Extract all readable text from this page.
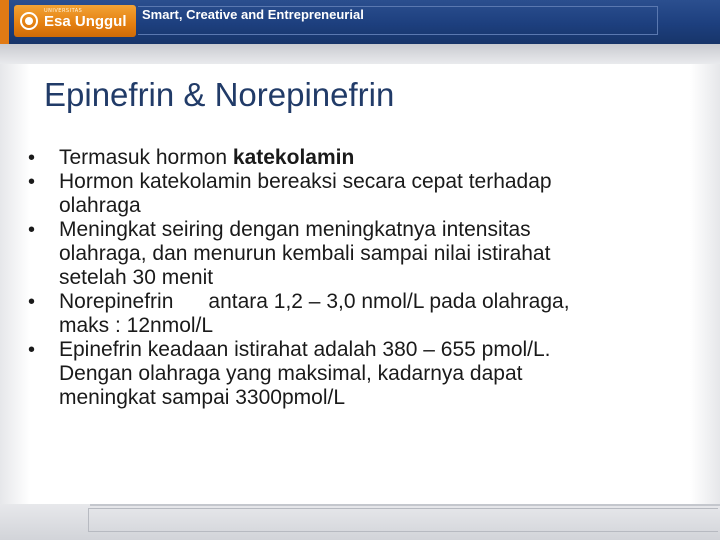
UNIVERSITAS
Esa Unggul Smart, Creative and Entrepreneurial
Epinefrin & Norepinefrin
• Termasuk hormon katekolamin
• Hormon katekolamin bereaksi secara cepat terhadap
olahraga
• Meningkat seiring dengan meningkatnya intensitas
olahraga, dan menurun kembali sampai nilai istirahat
setelah 30 menit
• Norepinefrin      antara 1,2 – 3,0 nmol/L pada olahraga,
maks : 12nmol/L
• Epinefrin keadaan istirahat adalah 380 – 655 pmol/L.
Dengan olahraga yang maksimal, kadarnya dapat
meningkat sampai 3300pmol/L
